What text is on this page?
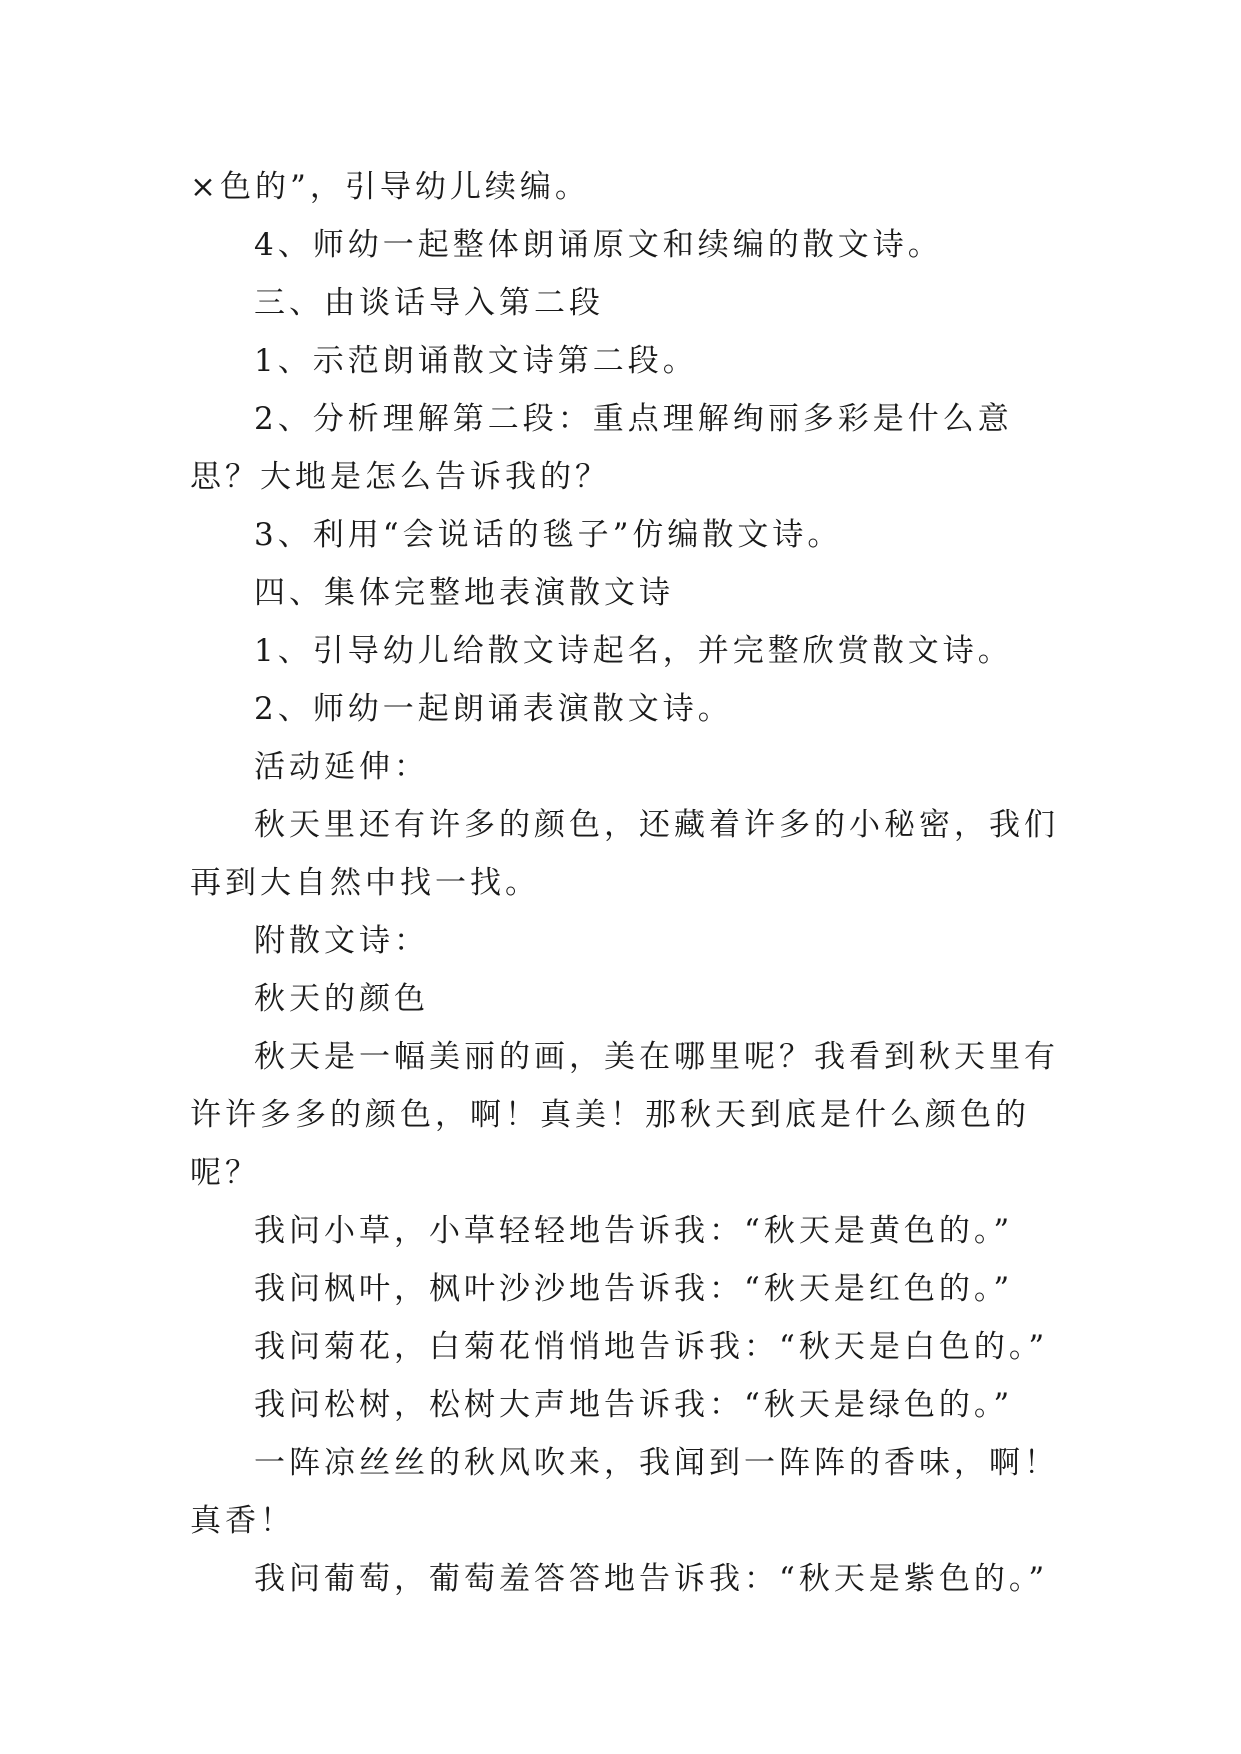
×色的”，引导幼儿续编。

4、师幼一起整体朗诵原文和续编的散文诗。

三、由谈话导入第二段

1、示范朗诵散文诗第二段。

2、分析理解第二段：重点理解绚丽多彩是什么意思？大地是怎么告诉我的？

3、利用“会说话的毯子”仿编散文诗。

四、集体完整地表演散文诗

1、引导幼儿给散文诗起名，并完整欣赏散文诗。

2、师幼一起朗诵表演散文诗。

活动延伸：

秋天里还有许多的颜色，还藏着许多的小秘密，我们再到大自然中找一找。

附散文诗：

秋天的颜色

秋天是一幅美丽的画，美在哪里呢？我看到秋天里有许许多多的颜色，啊！真美！那秋天到底是什么颜色的呢？

我问小草，小草轻轻地告诉我：“秋天是黄色的。”

我问枫叶，枫叶沙沙地告诉我：“秋天是红色的。”

我问菊花，白菊花悄悄地告诉我：“秋天是白色的。”

我问松树，松树大声地告诉我：“秋天是绿色的。”

一阵凉丝丝的秋风吹来，我闻到一阵阵的香味，啊！真香！

我问葡萄，葡萄羞答答地告诉我：“秋天是紫色的。”
